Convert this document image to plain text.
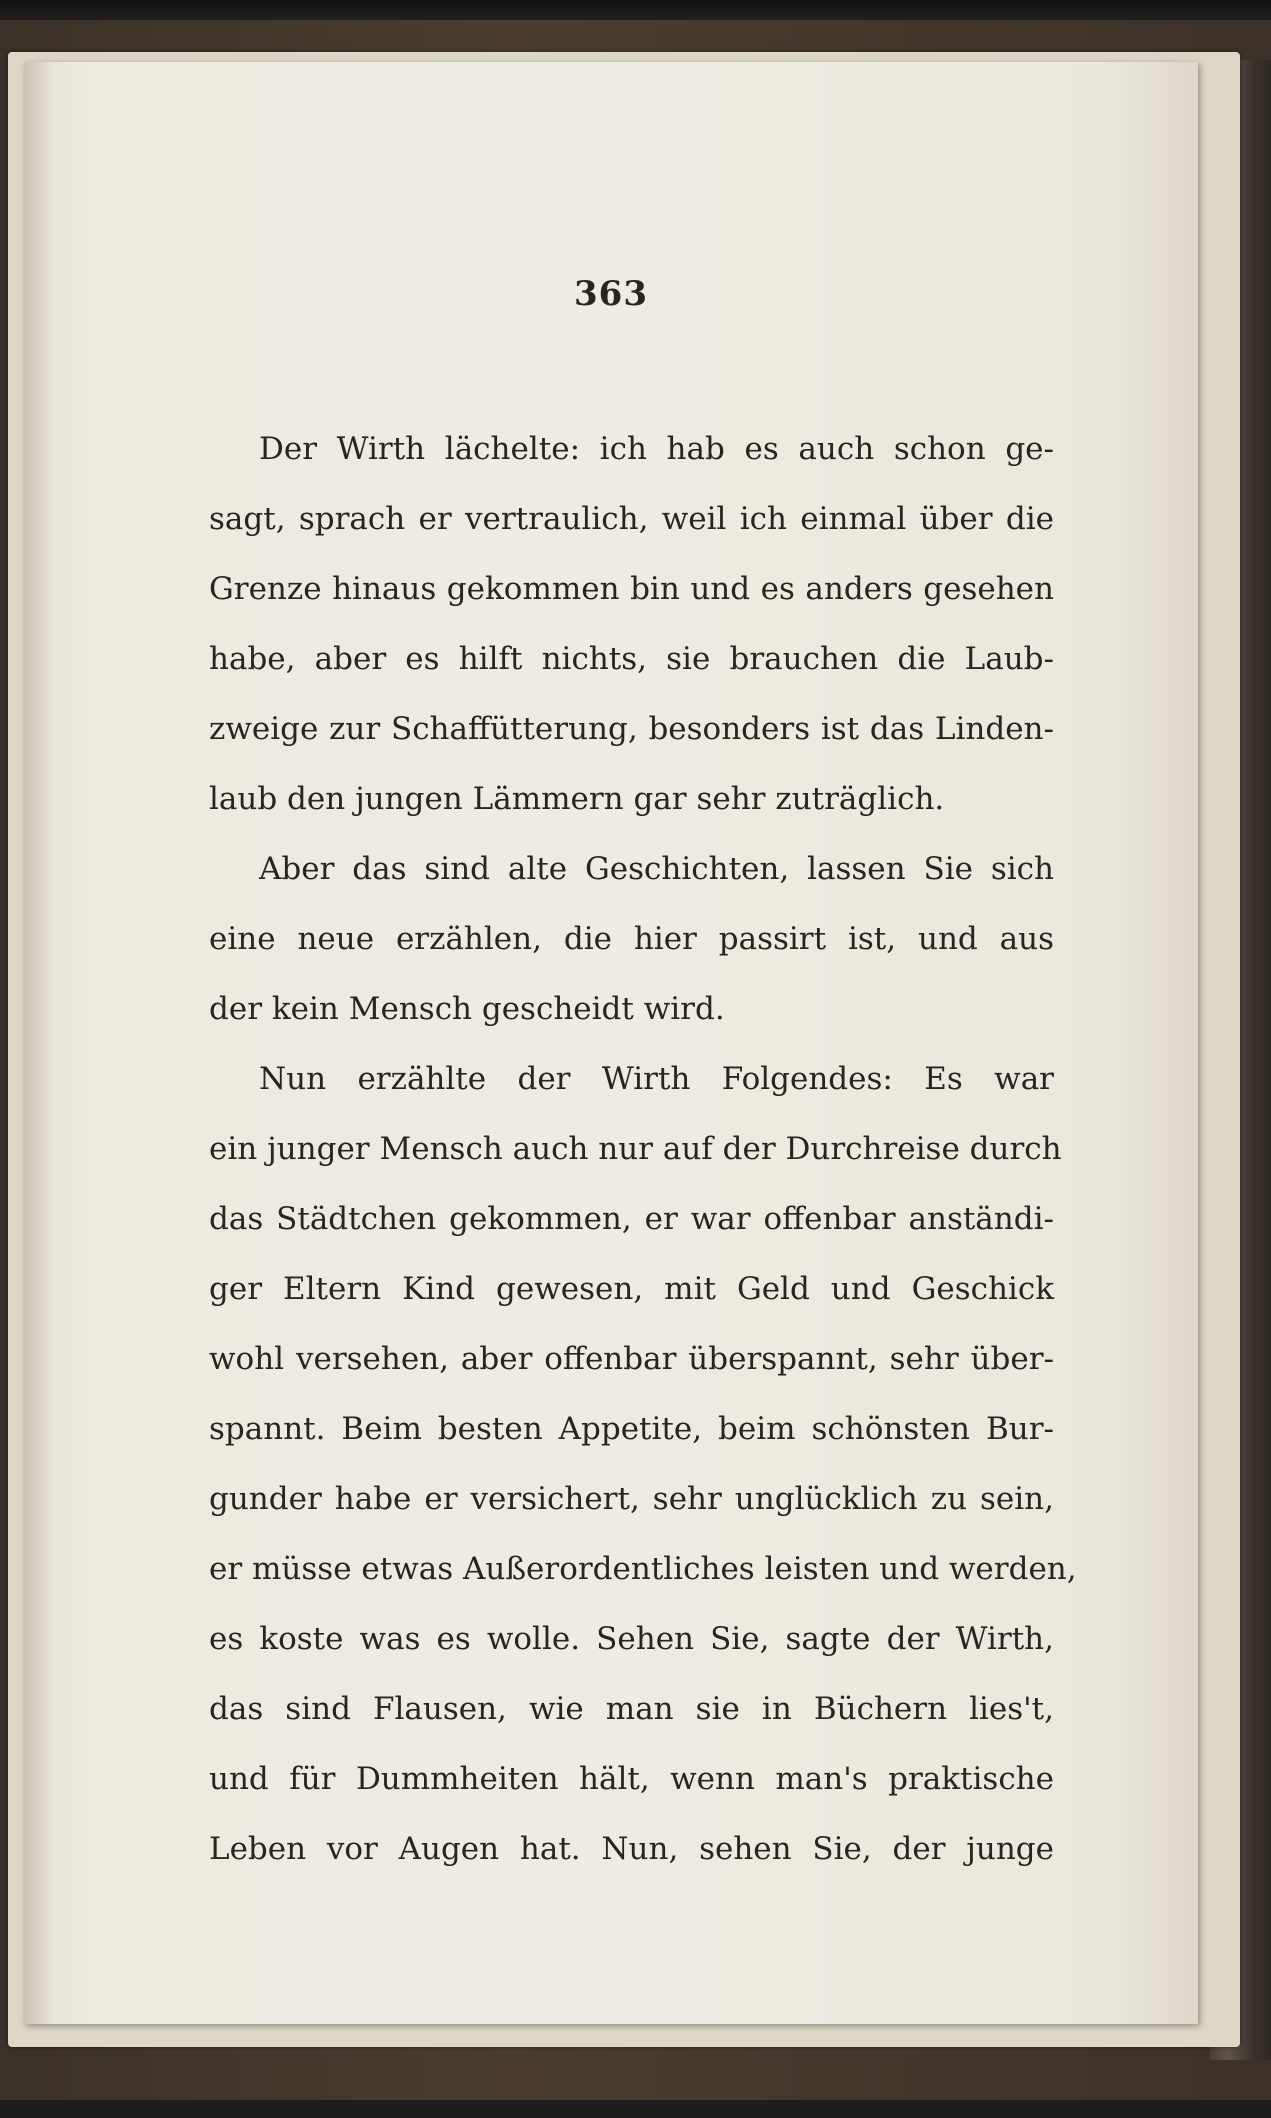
363
Der Wirth lächelte: ich hab es auch schon ge-
sagt, sprach er vertraulich, weil ich einmal über die
Grenze hinaus gekommen bin und es anders gesehen
habe, aber es hilft nichts, sie brauchen die Laub-
zweige zur Schaffütterung, besonders ist das Linden-
laub den jungen Lämmern gar sehr zuträglich.
Aber das sind alte Geschichten, lassen Sie sich
eine neue erzählen, die hier passirt ist, und aus
der kein Mensch gescheidt wird.
Nun erzählte der Wirth Folgendes: Es war
ein junger Mensch auch nur auf der Durchreise durch
das Städtchen gekommen, er war offenbar anständi-
ger Eltern Kind gewesen, mit Geld und Geschick
wohl versehen, aber offenbar überspannt, sehr über-
spannt. Beim besten Appetite, beim schönsten Bur-
gunder habe er versichert, sehr unglücklich zu sein,
er müsse etwas Außerordentliches leisten und werden,
es koste was es wolle. Sehen Sie, sagte der Wirth,
das sind Flausen, wie man sie in Büchern lies't,
und für Dummheiten hält, wenn man's praktische
Leben vor Augen hat. Nun, sehen Sie, der junge
